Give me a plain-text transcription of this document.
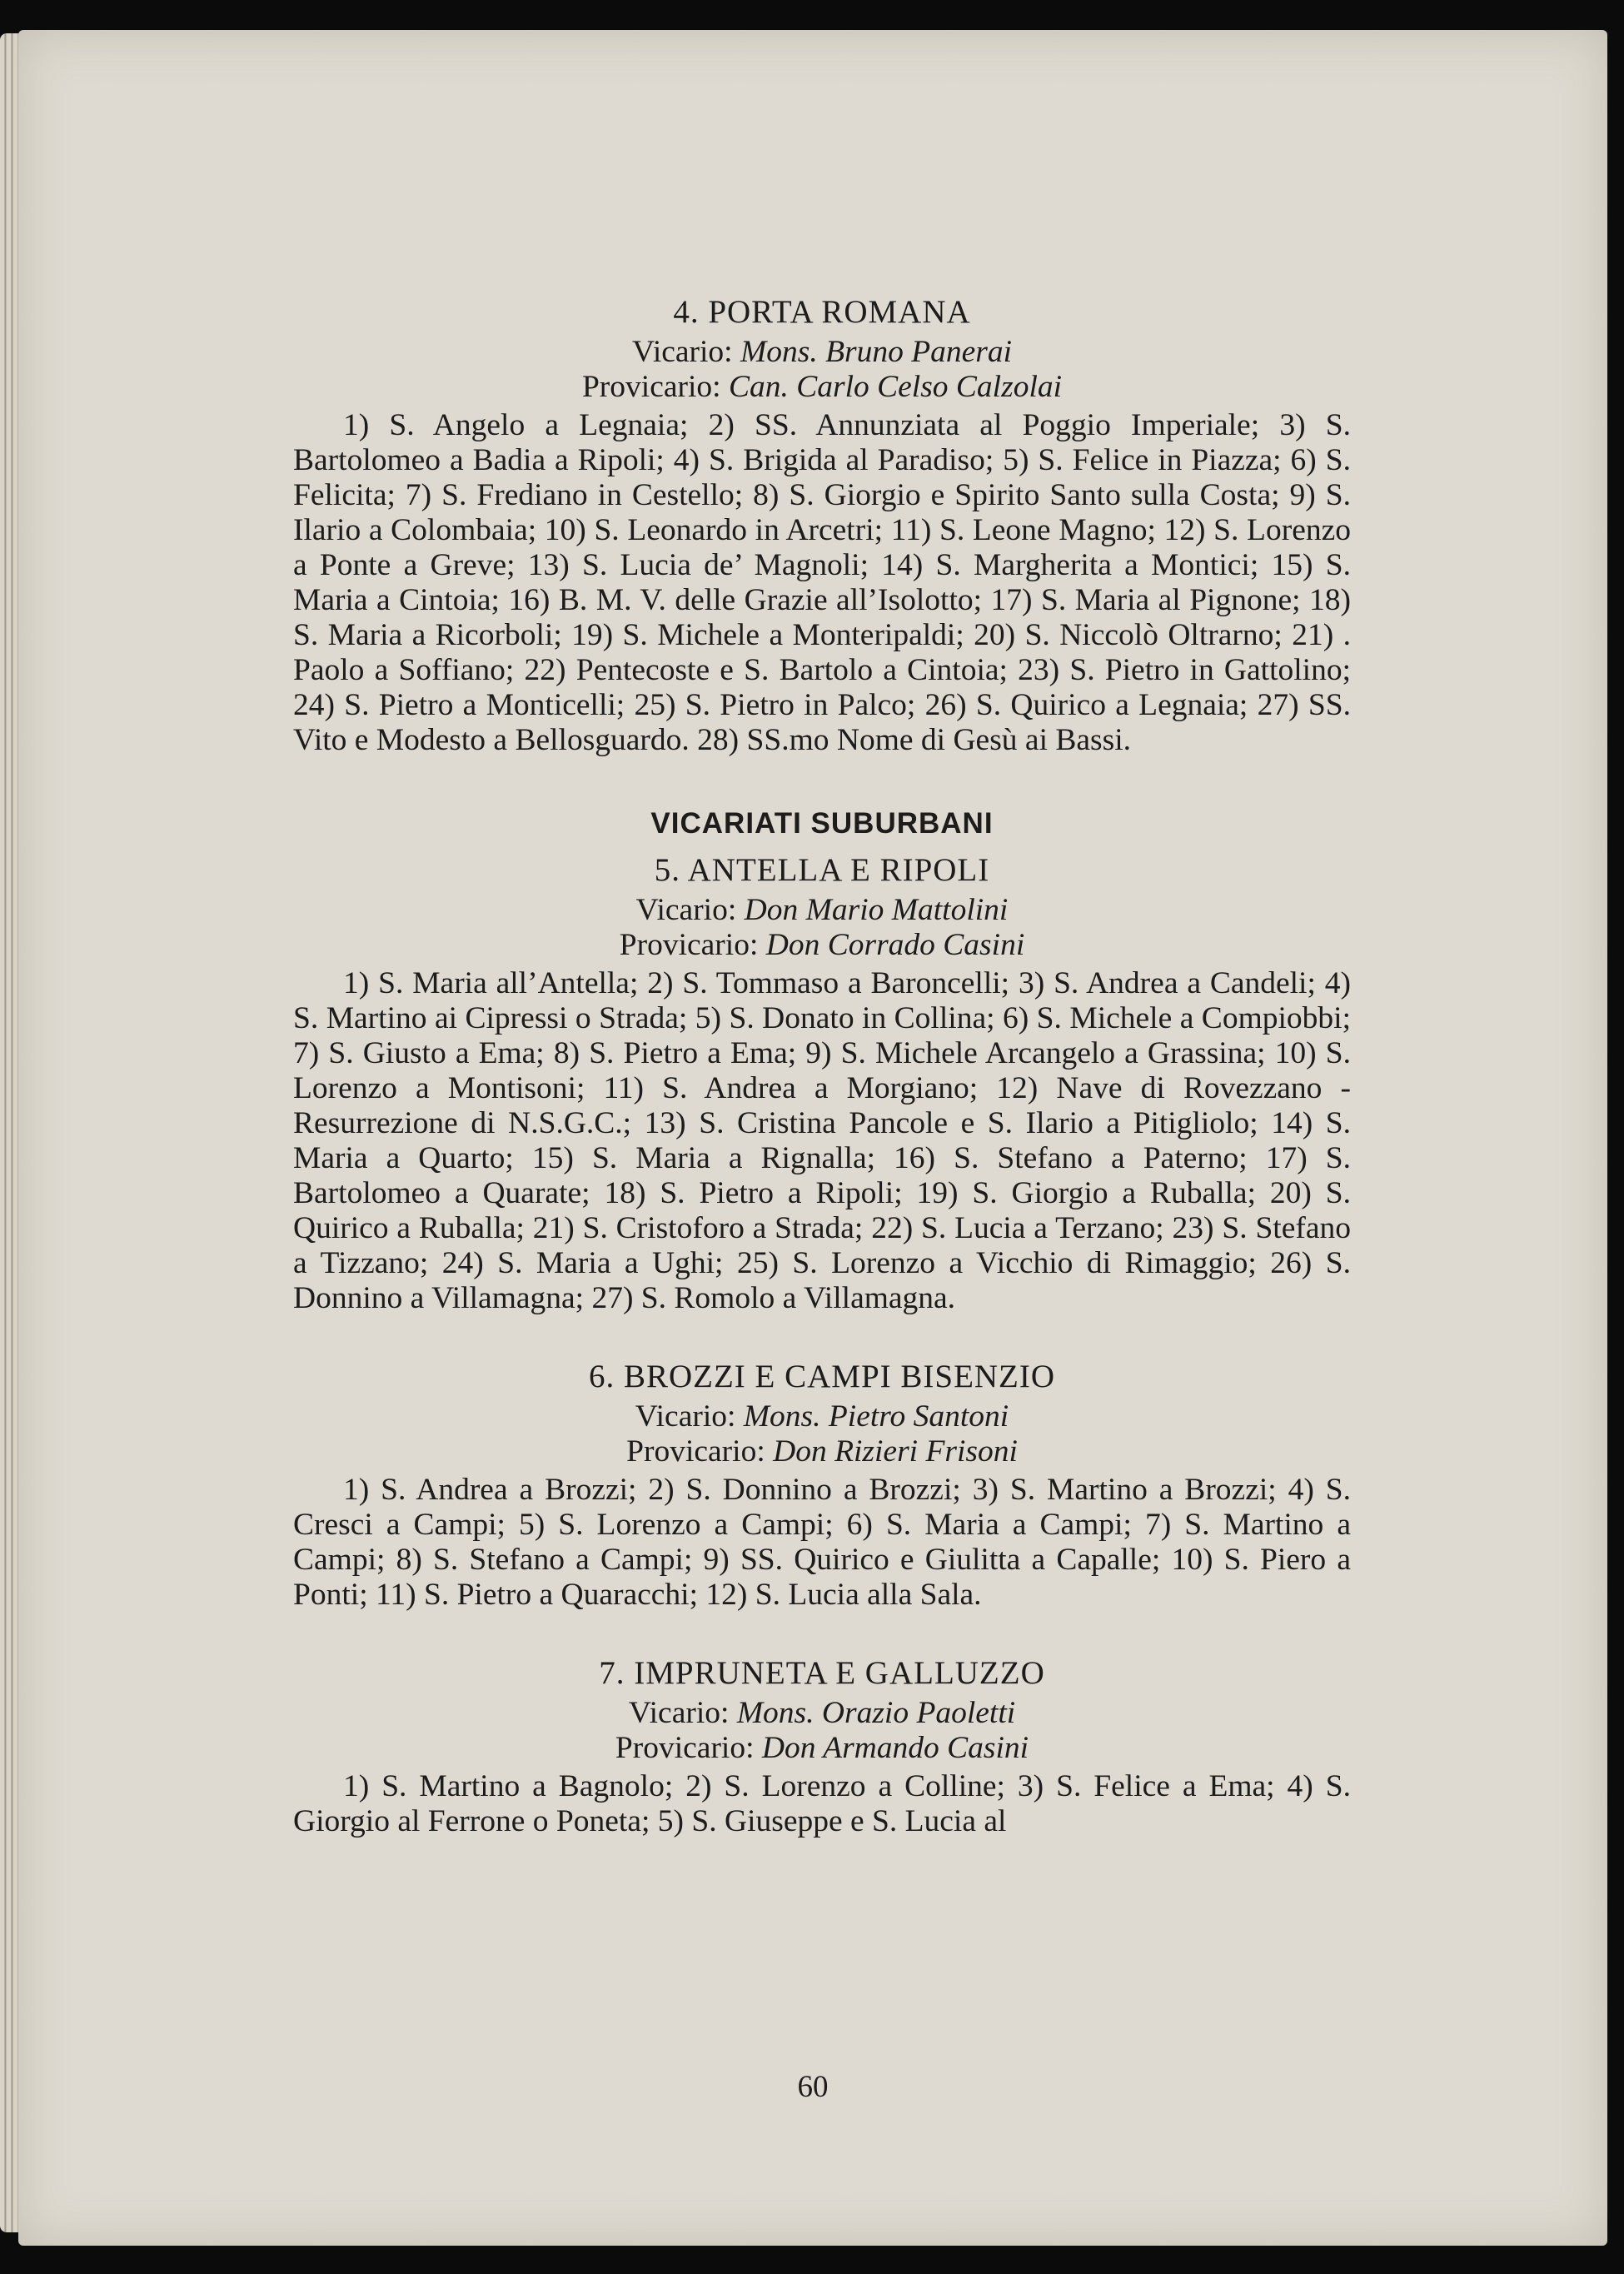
4. PORTA ROMANA

Vicario: Mons. Bruno Panerai

Provicario: Can. Carlo Celso Calzolai

1) S. Angelo a Legnaia; 2) SS. Annunziata al Poggio Imperiale; 3) S. Bartolomeo a Badia a Ripoli; 4) S. Brigida al Paradiso; 5) S. Felice in Piazza; 6) S. Felicita; 7) S. Frediano in Cestello; 8) S. Giorgio e Spirito Santo sulla Costa; 9) S. Ilario a Colombaia; 10) S. Leonardo in Arcetri; 11) S. Leone Magno; 12) S. Lorenzo a Ponte a Greve; 13) S. Lucia de’ Magnoli; 14) S. Margherita a Montici; 15) S. Maria a Cintoia; 16) B. M. V. delle Grazie all’Isolotto; 17) S. Maria al Pignone; 18) S. Maria a Ricorboli; 19) S. Michele a Monteripaldi; 20) S. Niccolò Oltrarno; 21) . Paolo a Soffiano; 22) Pentecoste e S. Bartolo a Cintoia; 23) S. Pietro in Gattolino; 24) S. Pietro a Monticelli; 25) S. Pietro in Palco; 26) S. Quirico a Legnaia; 27) SS. Vito e Modesto a Bellosguardo. 28) SS.mo Nome di Gesù ai Bassi.

VICARIATI SUBURBANI

5. ANTELLA E RIPOLI

Vicario: Don Mario Mattolini

Provicario: Don Corrado Casini

1) S. Maria all’Antella; 2) S. Tommaso a Baroncelli; 3) S. Andrea a Candeli; 4) S. Martino ai Cipressi o Strada; 5) S. Donato in Collina; 6) S. Michele a Compiobbi; 7) S. Giusto a Ema; 8) S. Pietro a Ema; 9) S. Michele Arcangelo a Grassina; 10) S. Lorenzo a Montisoni; 11) S. Andrea a Morgiano; 12) Nave di Rovezzano - Resurrezione di N.S.G.C.; 13) S. Cristina Pancole e S. Ilario a Pitigliolo; 14) S. Maria a Quarto; 15) S. Maria a Rignalla; 16) S. Stefano a Paterno; 17) S. Bartolomeo a Quarate; 18) S. Pietro a Ripoli; 19) S. Giorgio a Ruballa; 20) S. Quirico a Ruballa; 21) S. Cristoforo a Strada; 22) S. Lucia a Terzano; 23) S. Stefano a Tizzano; 24) S. Maria a Ughi; 25) S. Lorenzo a Vicchio di Rimaggio; 26) S. Donnino a Villamagna; 27) S. Romolo a Villamagna.

6. BROZZI E CAMPI BISENZIO

Vicario: Mons. Pietro Santoni

Provicario: Don Rizieri Frisoni

1) S. Andrea a Brozzi; 2) S. Donnino a Brozzi; 3) S. Martino a Brozzi; 4) S. Cresci a Campi; 5) S. Lorenzo a Campi; 6) S. Maria a Campi; 7) S. Martino a Campi; 8) S. Stefano a Campi; 9) SS. Quirico e Giulitta a Capalle; 10) S. Piero a Ponti; 11) S. Pietro a Quaracchi; 12) S. Lucia alla Sala.

7. IMPRUNETA E GALLUZZO

Vicario: Mons. Orazio Paoletti

Provicario: Don Armando Casini

1) S. Martino a Bagnolo; 2) S. Lorenzo a Colline; 3) S. Felice a Ema; 4) S. Giorgio al Ferrone o Poneta; 5) S. Giuseppe e S. Lucia al

60
